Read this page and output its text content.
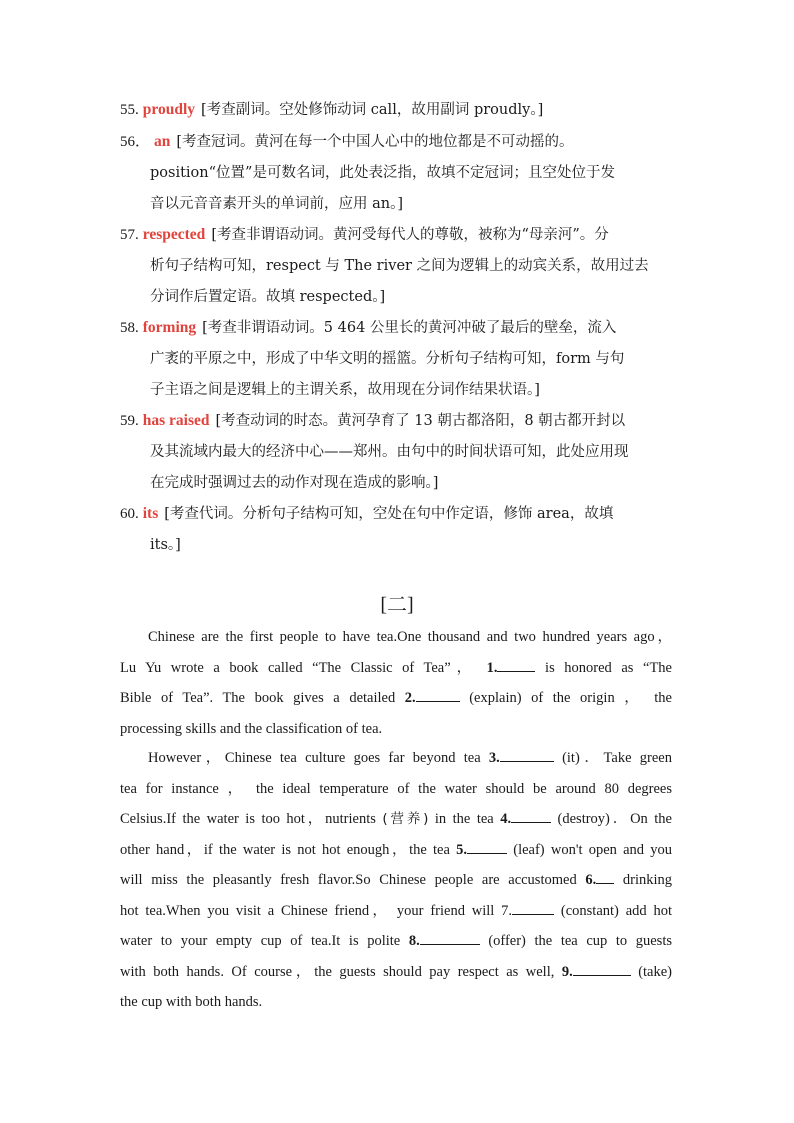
55. proudly [考查副词。空处修饰动词 call，故用副词 proudly。]
56． an [考查冠词。黄河在每一个中国人心中的地位都是不可动摇的。
position“位置”是可数名词，此处表泛指，故填不定冠词；且空处位于发
音以元音音素开头的单词前，应用 an。]
57. respected [考查非谓语动词。黄河受每代人的尊敬，被称为“母亲河”。分
析句子结构可知，respect 与 The river 之间为逻辑上的动宾关系，故用过去
分词作后置定语。故填 respected。]
58. forming [考查非谓语动词。5 464 公里长的黄河冲破了最后的壁垒，流入
广袤的平原之中，形成了中华文明的摇篮。分析句子结构可知，form 与句
子主语之间是逻辑上的主谓关系，故用现在分词作结果状语。]
59. has raised [考查动词的时态。黄河孕育了 13 朝古都洛阳，8 朝古都开封以
及其流域内最大的经济中心——郑州。由句中的时间状语可知，此处应用现
在完成时强调过去的动作对现在造成的影响。]
60. its [考查代词。分析句子结构可知，空处在句中作定语，修饰 area，故填
its。]
[二]
Chinese are the first people to have tea.One thousand and two hundred years ago，
Lu Yu wrote a book called “The Classic of Tea”， 1.	is honored as “The
Bible of Tea”. The book gives a detailed 2.	(explain) of the origin ， the
processing skills and the classification of tea.
However，Chinese tea culture goes far beyond tea 3.	(it)．Take green
tea for instance ， the ideal temperature of the water should be around 80 degrees
Celsius.If the water is too hot，nutrients (营养) in the tea 4.	(destroy)．On the
other hand，if the water is not hot enough，the tea 5.	(leaf) won't open and you
will miss the pleasantly fresh flavor.So Chinese people are accustomed 6. drinking
hot tea.When you visit a Chinese friend， your friend will 7.	(constant) add hot
water to your empty cup of tea.It is polite 8.	(offer) the tea cup to guests
with both hands. Of course，the guests should pay respect as well, 9.	(take)
the cup with both hands.
